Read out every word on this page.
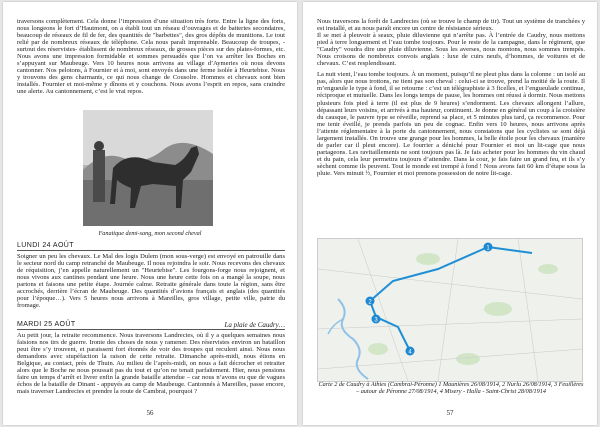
traversons complètement. Cela donne l’impression d’une situation très forte. Entre la ligne des forts, nous longeons le fort d’Hautmont, on a établi tout un réseau d’ouvrages et de batteries secondaires, beaucoup de réseaux de fil de fer, des quantités de "barbettes", des gros dépôts de munitions. Le tout relié par de nombreux réseaux de téléphone. Cela nous paraît imprenable. Beaucoup de troupes, - surtout des réservistes- établissent de nombreux réseaux, de grosses pièces sur des plates-formes, etc. Nous avons une impression formidable et sommes persuadés que l’on va arrêter les Boches en s’appuyant sur Maubeuge. Vers 10 heures nous arrivons au village d’Aymeries où nous devons cantonner. Nos pelotons, à Fournier et à moi, sont envoyés dans une ferme isolée à Heurtebise. Nous y trouvons des gens charmants, ce qui nous change de Cousolre. Hommes et chevaux sont bien installés. Fournier et moi-même y dînons et y couchons. Nous avons l’esprit en repos, sans craindre une alerte. Au cantonnement, c’est le vrai repos.

Fanatique demi-sang, mon second cheval
LUNDI 24 AOÛT

Soigner un peu les chevaux. Le Mal des logis Dulem (mon sous-verge) est envoyé en patrouille dans le secteur nord du camp retranché de Maubeuge. Il nous rejoindra le soir. Nous recevons des chevaux de réquisition, j’en appelle naturellement un "Heurtebise". Les fourgons-forge nous rejoignent, et nous vivons aux cantines pendant une heure. Nous une heure cette fois on a mangé la soupe, nous partons et faisons une petite étape. Journée calme. Retraite générale dans toute la région, sans être accrochés, derrière l’écran de Maubeuge. Des quantités d’avions français et anglais (des quantités pour l’époque…). Vers 5 heures nous arrivons à Mareilles, gros village, petite ville, patrie du fromage.

MARDI 25 AOÛT	La plaie de Caudry…

Au petit jour, la retraite recommence. Nous traversons Landrecies, où il y a quelques semaines nous faisions nos tirs de guerre. Ironie des choses de nous y ramener. Des réservistes environ un bataillon peut être s’y trouvent, et paraissent fort étonnés de voir des troupes qui reculent ainsi. Nous nous demandons avec stupéfaction la raison de cette retraite. Dimanche après-midi, nous étions en Belgique, au contact, près de Thuin. Au milieu de l’après-midi, on nous a fait décrocher et retraiter alors que le Boche ne nous poussait pas du tout et qu’on ne tenait parfaitement. Hier, nous pensions faire un temps d’arrêt et livrer enfin la grande bataille attendue – car nous n’avons eu que de vagues échos de la bataille de Dinant - appuyés au camp de Maubeuge. Cantonnés à Mareilles, passe encore, mais traverser Landrecies et prendre la route de Cambrai, pourquoi ?

56

Nous traversons la forêt de Landrecies (où se trouve le champ de tir). Tout un système de tranchées y est installé, et au nous paraît encore un centre de résistance sérieux.

Il se met à pleuvoir à seaux, pluie diluvienne qui n’arrête pas. À l’entrée de Caudry, nous mettons pied à terre longuement et l’eau tombe toujours. Pour le reste de la campagne, dans le régiment, que "Caudry" voudra dire une pluie diluvienne. Sous les averses, nous montons, nous sommes trempés. Nous croisons de nombreux convois anglais : luxe de cuirs neufs, d’hommes, de voitures et de chevaux. C’est resplendissant.

La nuit vient, l’eau tombe toujours. À un moment, puisqu’il ne pleut plus dans la colonne : un isolé au pas, alors que nous trottons, ne tient pas son cheval : celui-ci se trouve, prend la moitié de la route. Il m’engueule le type à fond, il se retourne : c’est un télégraphiste à 3 ficelles, et l’engueulade continue, réciproque et mutuelle. Dans les longs temps de pause, les hommes ont réussi à dormir. Nous mettons plusieurs fois pied à terre (il est plus de 9 heures) s’endorment. Les chevaux allongent l’allure, dépassant leurs voisins, et arrivés à ma hauteur, continuent. Je donne en général un coup à la croisière du causque, le pauvre type se réveille, reprend sa place, et 5 minutes plus tard, ça recommence. Pour me tenir éveillé, je prends parfois un peu de cognac. Enfin vers 10 heures, nous arrivons après l’attente réglementaire à la porte du cantonnement, nous constatons que les cyclistes se sont déjà largement installés. On trouve une grange pour les hommes, la belle étoile pour les chevaux (manière de parler car il pleut encore). Le fourrier a déniché pour Fournier et moi un lit-cage que nous partageons. Les ravitaillements ne sont toujours pas là. Je fais acheter pour les hommes du vin chaud et du pain, cela leur permettra toujours d’attendre. Dans la cour, je fais faire un grand feu, et ils s’y sèchent comme ils peuvent. Tout le monde est trempé à fond ! Nous avons fait 60 km d’étape sous la pluie. Vers minuit ½, Fournier et moi prenons possession de notre lit-cage.

1
2
3
4
Carte 2 de Caudry à Athies (Cambrai-Péronne) 1 Maunières 26/08/1914, 2 Nurlu 26/08/1914, 3 Feuillères – autour de Péronne 27/08/1914, 4 Misery - Halla - Saint-Christ 28/08/1914
57
